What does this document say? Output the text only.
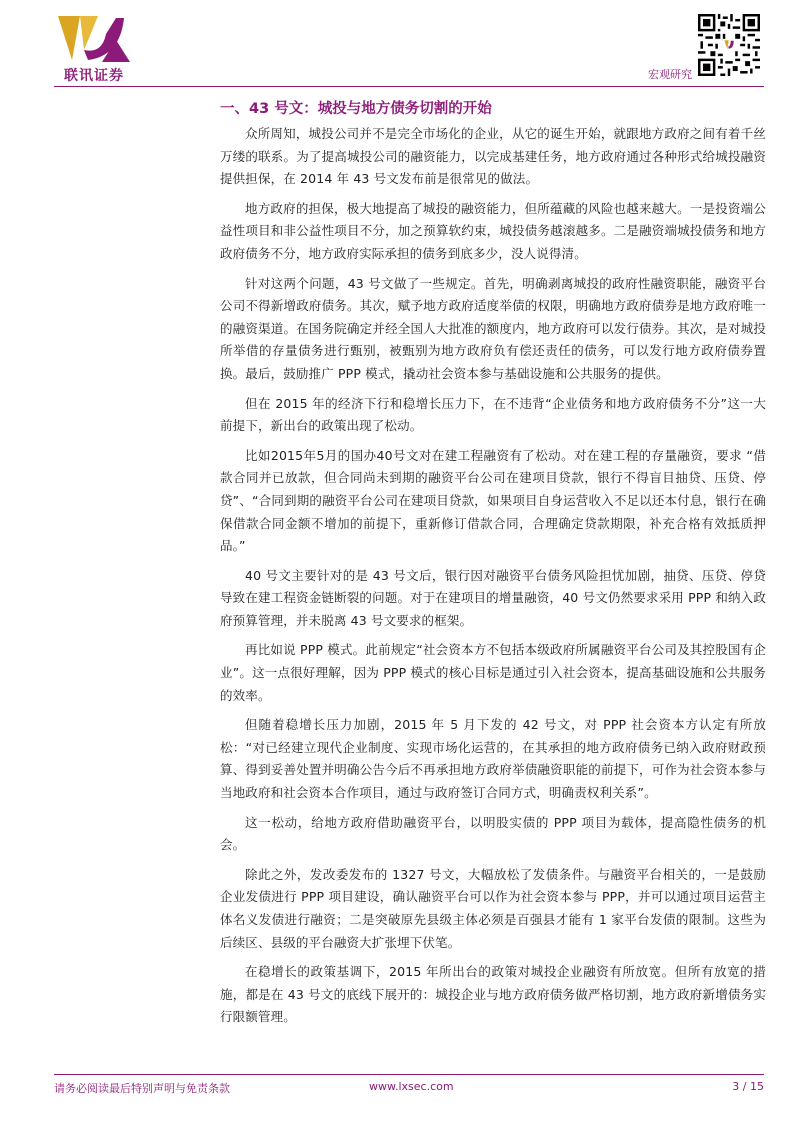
联讯证券	宏观研究
一、43 号文：城投与地方债务切割的开始

众所周知，城投公司并不是完全市场化的企业，从它的诞生开始，就跟地方政府之间有着千丝万缕的联系。为了提高城投公司的融资能力，以完成基建任务，地方政府通过各种形式给城投融资提供担保，在 2014 年 43 号文发布前是很常见的做法。

地方政府的担保，极大地提高了城投的融资能力，但所蕴藏的风险也越来越大。一是投资端公益性项目和非公益性项目不分，加之预算软约束，城投债务越滚越多。二是融资端城投债务和地方政府债务不分，地方政府实际承担的债务到底多少，没人说得清。

针对这两个问题，43 号文做了一些规定。首先，明确剥离城投的政府性融资职能，融资平台公司不得新增政府债务。其次，赋予地方政府适度举债的权限，明确地方政府债券是地方政府唯一的融资渠道。在国务院确定并经全国人大批准的额度内，地方政府可以发行债券。其次，是对城投所举借的存量债务进行甄别，被甄别为地方政府负有偿还责任的债务，可以发行地方政府债券置换。最后，鼓励推广 PPP 模式，撬动社会资本参与基础设施和公共服务的提供。

但在 2015 年的经济下行和稳增长压力下，在不违背“企业债务和地方政府债务不分”这一大前提下，新出台的政策出现了松动。

比如2015年5月的国办40号文对在建工程融资有了松动。对在建工程的存量融资，要求 “借款合同并已放款，但合同尚未到期的融资平台公司在建项目贷款，银行不得盲目抽贷、压贷、停贷”、“合同到期的融资平台公司在建项目贷款，如果项目自身运营收入不足以还本付息，银行在确保借款合同金额不增加的前提下，重新修订借款合同，合理确定贷款期限，补充合格有效抵质押品。”

40 号文主要针对的是 43 号文后，银行因对融资平台债务风险担忧加剧，抽贷、压贷、停贷导致在建工程资金链断裂的问题。对于在建项目的增量融资，40 号文仍然要求采用 PPP 和纳入政府预算管理，并未脱离 43 号文要求的框架。

再比如说 PPP 模式。此前规定“社会资本方不包括本级政府所属融资平台公司及其控股国有企业”。这一点很好理解，因为 PPP 模式的核心目标是通过引入社会资本，提高基础设施和公共服务的效率。

但随着稳增长压力加剧，2015 年 5 月下发的 42 号文，对 PPP 社会资本方认定有所放松：“对已经建立现代企业制度、实现市场化运营的，在其承担的地方政府债务已纳入政府财政预算、得到妥善处置并明确公告今后不再承担地方政府举债融资职能的前提下，可作为社会资本参与当地政府和社会资本合作项目，通过与政府签订合同方式，明确责权利关系”。

这一松动，给地方政府借助融资平台，以明股实债的 PPP 项目为载体，提高隐性债务的机会。

除此之外，发改委发布的 1327 号文，大幅放松了发债条件。与融资平台相关的，一是鼓励企业发债进行 PPP 项目建设，确认融资平台可以作为社会资本参与 PPP，并可以通过项目运营主体名义发债进行融资；二是突破原先县级主体必须是百强县才能有 1 家平台发债的限制。这些为后续区、县级的平台融资大扩张埋下伏笔。

在稳增长的政策基调下，2015 年所出台的政策对城投企业融资有所放宽。但所有放宽的措施，都是在 43 号文的底线下展开的：城投企业与地方政府债务做严格切割，地方政府新增债务实行限额管理。

请务必阅读最后特别声明与免责条款	www.lxsec.com	3 / 15
